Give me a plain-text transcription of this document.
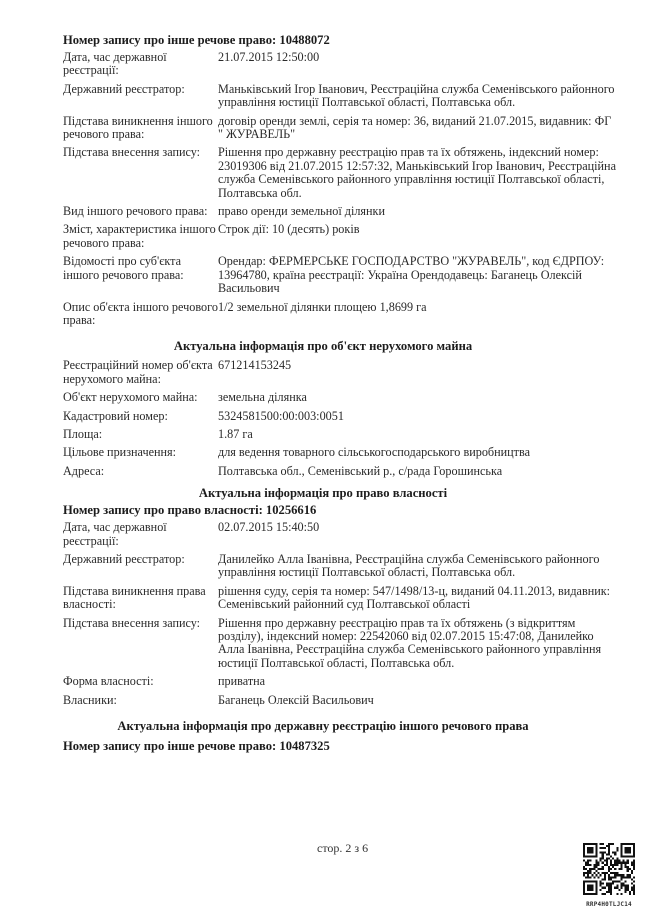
Номер запису про інше речове право: 10488072
Дата, час державної реєстрації:
21.07.2015 12:50:00
Державний реєстратор:	Маньківський Ігор Іванович, Реєстраційна служба Семенівського районного управління юстиції Полтавської області, Полтавська обл.
Підстава виникнення іншого речового права:
договір оренди землі, серія та номер: 36, виданий 21.07.2015, видавник: ФГ " ЖУРАВЕЛЬ"
Підстава внесення запису:	Рішення про державну реєстрацію прав та їх обтяжень, індексний номер: 23019306 від 21.07.2015 12:57:32, Маньківський Ігор Іванович, Реєстраційна служба Семенівського районного управління юстиції Полтавської області, Полтавська обл.
Вид іншого речового права: право оренди земельної ділянки
Зміст, характеристика іншого речового права:
Строк дії: 10 (десять) років
Відомості про суб'єкта іншого речового права:
Орендар: ФЕРМЕРСЬКЕ ГОСПОДАРСТВО "ЖУРАВЕЛЬ", код ЄДРПОУ: 13964780, країна реєстрації: Україна Орендодавець: Баганець Олексій Васильович
Опис об'єкта іншого речового права:
1/2 земельної ділянки площею 1,8699 га
Актуальна інформація про об'єкт нерухомого майна
Реєстраційний номер об'єкта нерухомого майна:
671214153245
Об'єкт нерухомого майна:	земельна ділянка
Кадастровий номер:	5324581500:00:003:0051
Площа:	1.87 га
Цільове призначення:	для ведення товарного сільськогосподарського виробництва
Адреса:	Полтавська обл., Семенівський р., с/рада Горошинська
Актуальна інформація про право власності
Номер запису про право власності: 10256616
Дата, час державної реєстрації:
02.07.2015 15:40:50
Державний реєстратор:	Данилейко Алла Іванівна, Реєстраційна служба Семенівського районного управління юстиції Полтавської області, Полтавська обл.
Підстава виникнення права власності:
рішення суду, серія та номер: 547/1498/13-ц, виданий 04.11.2013, видавник: Семенівський районний суд Полтавської області
Підстава внесення запису:	Рішення про державну реєстрацію прав та їх обтяжень (з відкриттям розділу), індексний номер: 22542060 від 02.07.2015 15:47:08, Данилейко Алла Іванівна, Реєстраційна служба Семенівського районного управління юстиції Полтавської області, Полтавська обл.
Форма власності:	приватна
Власники:	Баганець Олексій Васильович
Актуальна інформація про державну реєстрацію іншого речового права
Номер запису про інше речове право: 10487325
стор. 2 з 6
RRP4H0TLJC14
